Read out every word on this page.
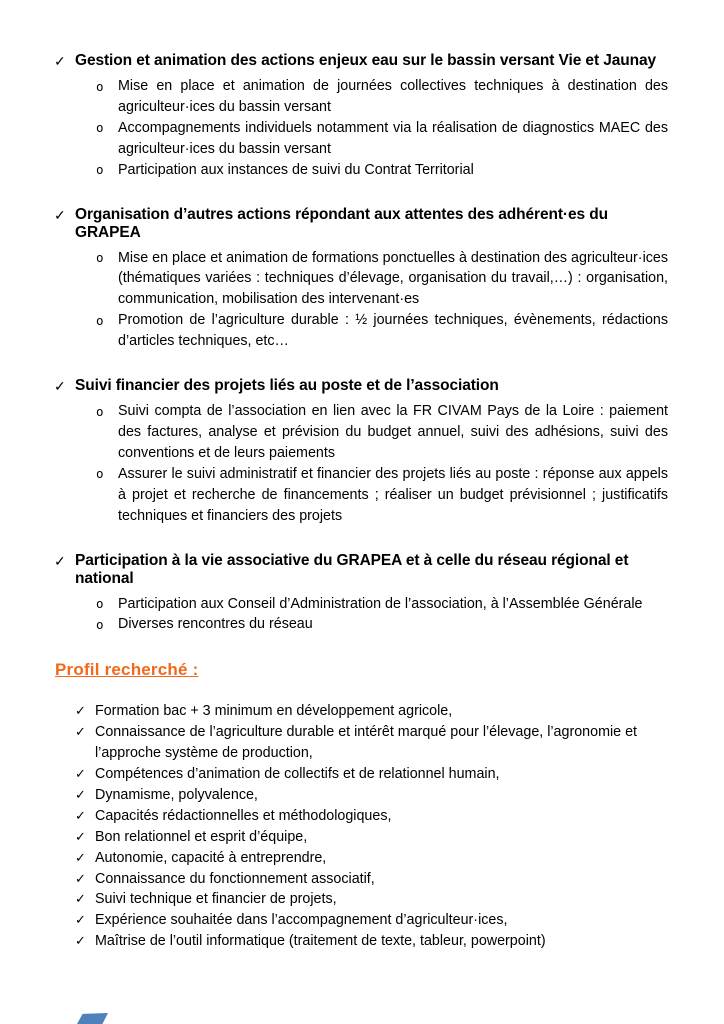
✓ Gestion et animation des actions enjeux eau sur le bassin versant Vie et Jaunay
o Mise en place et animation de journées collectives techniques à destination des agriculteur·ices du bassin versant
o Accompagnements individuels notamment via la réalisation de diagnostics MAEC des agriculteur·ices du bassin versant
o Participation aux instances de suivi du Contrat Territorial
✓ Organisation d’autres actions répondant aux attentes des adhérent·es du GRAPEA
o Mise en place et animation de formations ponctuelles à destination des agriculteur·ices (thématiques variées : techniques d’élevage, organisation du travail,…) : organisation, communication, mobilisation des intervenant·es
o Promotion de l’agriculture durable : ½ journées techniques, évènements, rédactions d’articles techniques, etc…
✓ Suivi financier des projets liés au poste et de l’association
o Suivi compta de l’association en lien avec la FR CIVAM Pays de la Loire : paiement des factures, analyse et prévision du budget annuel, suivi des adhésions, suivi des conventions et de leurs paiements
o Assurer le suivi administratif et financier des projets liés au poste : réponse aux appels à projet et recherche de financements ; réaliser un budget prévisionnel ; justificatifs techniques et financiers des projets
✓ Participation à la vie associative du GRAPEA et à celle du réseau régional et national
o Participation aux Conseil d’Administration de l’association, à l’Assemblée Générale
o Diverses rencontres du réseau
Profil recherché :
✓ Formation bac + 3 minimum en développement agricole,
✓ Connaissance de l’agriculture durable et intérêt marqué pour l’élevage, l’agronomie et l’approche système de production,
✓ Compétences d’animation de collectifs et de relationnel humain,
✓ Dynamisme, polyvalence,
✓ Capacités rédactionnelles et méthodologiques,
✓ Bon relationnel et esprit d’équipe,
✓ Autonomie, capacité à entreprendre,
✓ Connaissance du fonctionnement associatif,
✓ Suivi technique et financier de projets,
✓ Expérience souhaitée dans l’accompagnement d’agriculteur·ices,
✓ Maîtrise de l’outil informatique (traitement de texte, tableur, powerpoint)
